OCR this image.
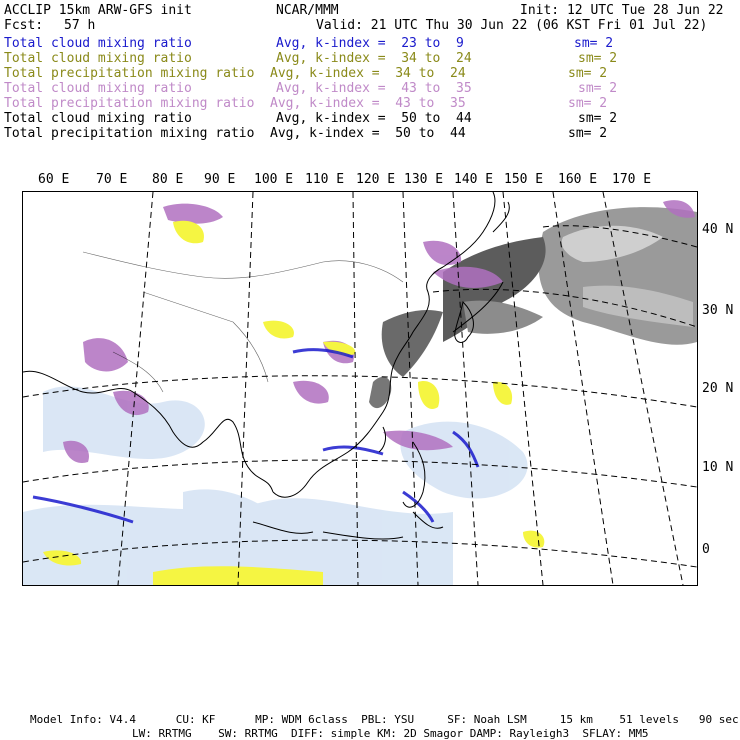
ACCLIP 15km ARW-GFS init	NCAR/MMM	Init: 12 UTC Tue 28 Jun 22
Fcst: 57 h	Valid: 21 UTC Thu 30 Jun 22 (06 KST Fri 01 Jul 22)
Total cloud mixing ratio	Avg, k-index =  23 to  9	sm= 2
Total cloud mixing ratio	Avg, k-index =  34 to  24	sm= 2
Total precipitation mixing ratio Avg, k-index =  34 to  24	sm= 2
Total cloud mixing ratio	Avg, k-index =  43 to  35	sm= 2
Total precipitation mixing ratio Avg, k-index =  43 to  35	sm= 2
Total cloud mixing ratio	Avg, k-index =  50 to  44	sm= 2
Total precipitation mixing ratio Avg, k-index =  50 to  44	sm= 2
60 E 70 E 80 E 90 E 100 E 110 E 120 E 130 E 140 E 150 E 160 E 170 E
40 N
30 N
20 N
10 N
0
Model Info: V4.4      CU: KF      MP: WDM 6class  PBL: YSU     SF: Noah LSM     15 km    51 levels   90 sec
LW: RRTMG    SW: RRTMG  DIFF: simple KM: 2D Smagor DAMP: Rayleigh3  SFLAY: MM5
